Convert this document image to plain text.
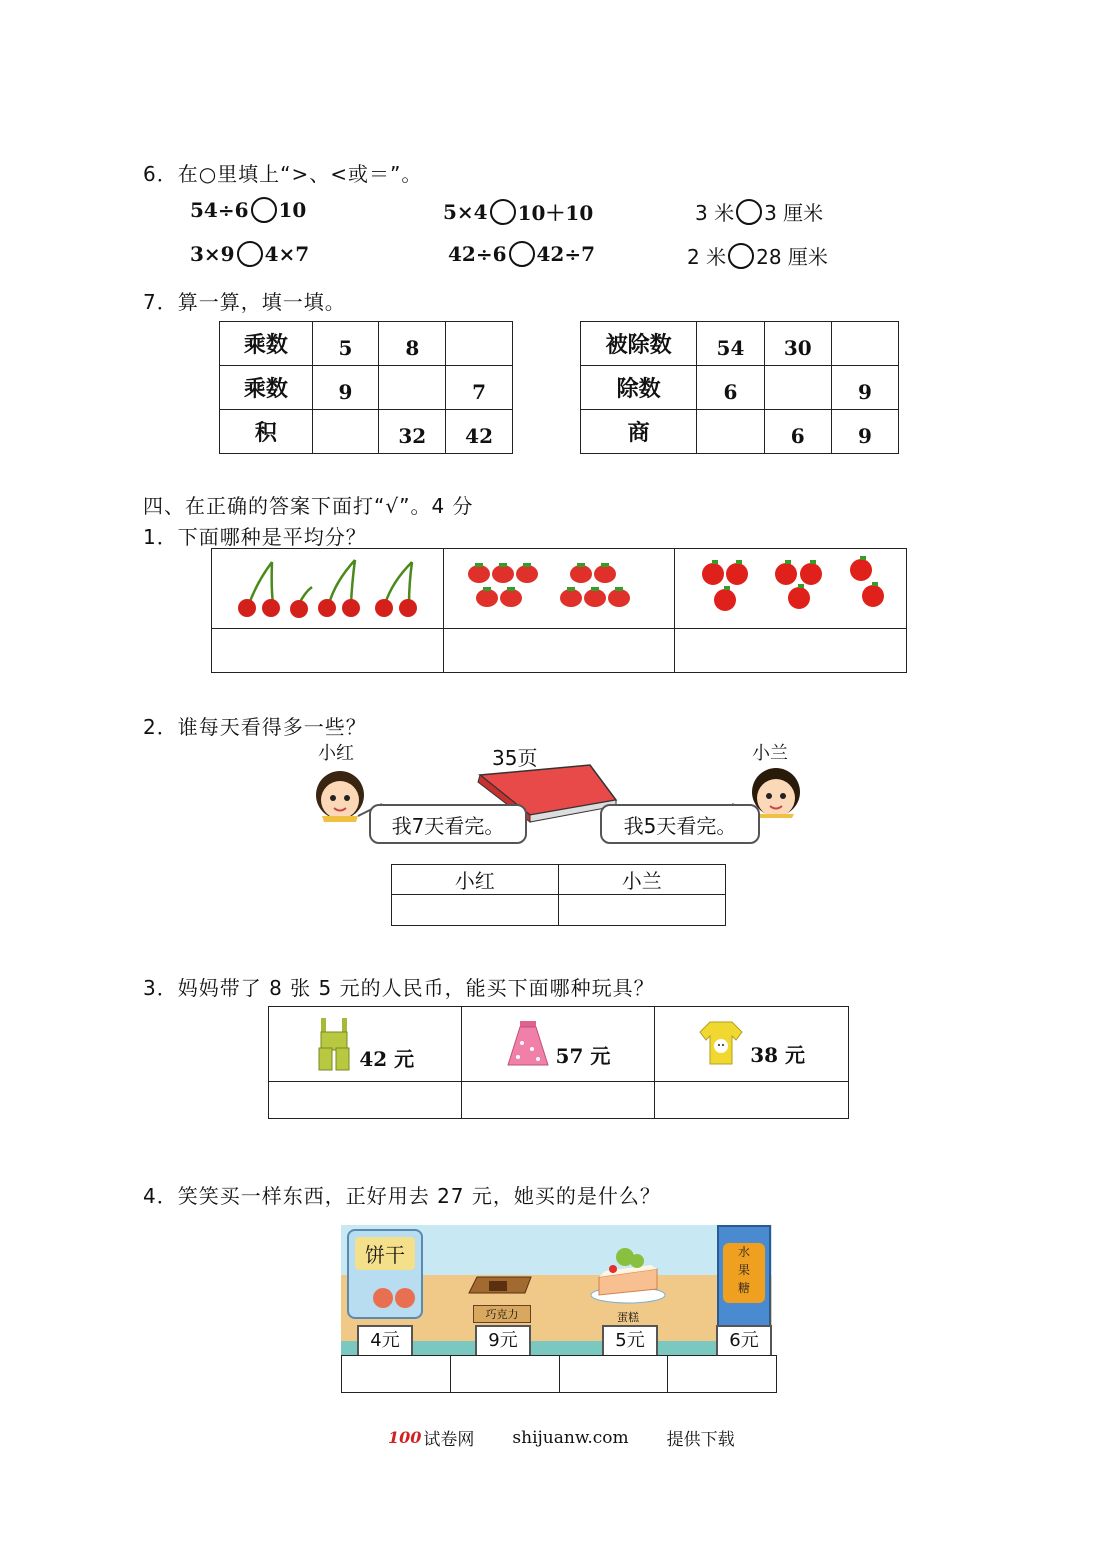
6．在○里填上“>、<或＝”。
54÷6 10	5×4 10＋10	3 米 3 厘米
3×9 4×7	42÷6 42÷7	2 米 28 厘米
7．算一算，填一填。
乘数	5	8	
乘数	9		7
积		32	42
被除数	54	30	
除数	6		9
商		6	9
四、在正确的答案下面打“√”。4 分
1．下面哪种是平均分？

2．谁每天看得多一些？
小红	小兰
35页
我7天看完。	我5天看完。
小红	小兰

3．妈妈带了 8 张 5 元的人民币，能买下面哪种玩具？
42 元	57 元	38 元

4．笑笑买一样东西，正好用去 27 元，她买的是什么？
饼干
巧克力	蛋糕
水
果
糖
4元	9元	5元	6元

100 试卷网 shijuanw.com 提供下载
